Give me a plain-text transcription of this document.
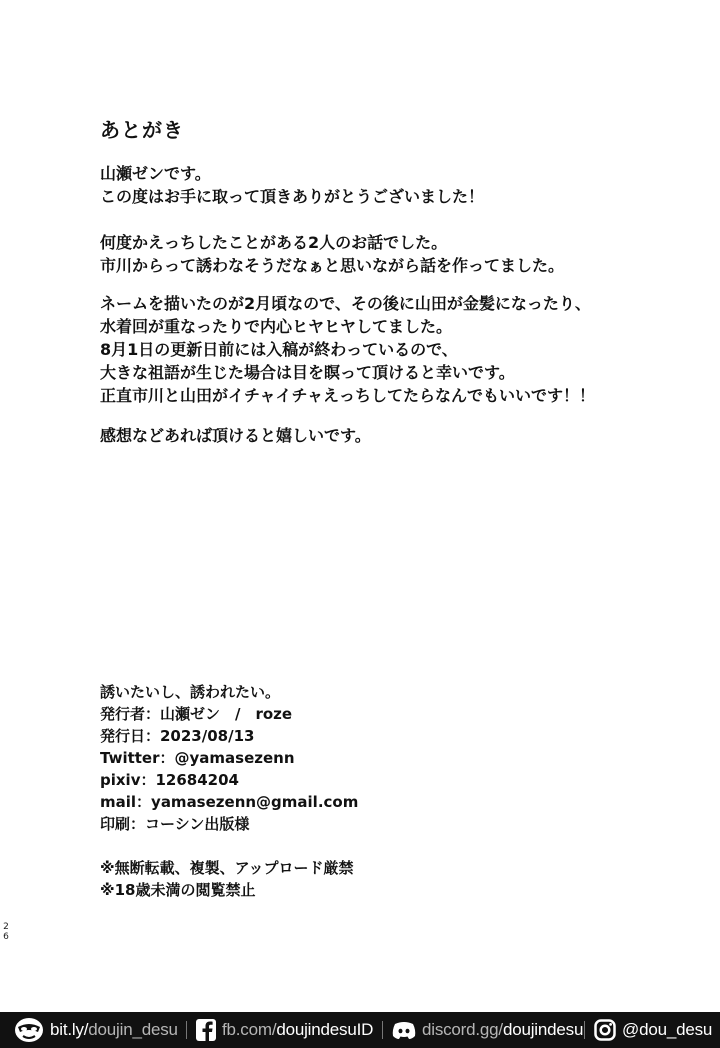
あとがき
山瀬ゼンです。
この度はお手に取って頂きありがとうございました！
何度かえっちしたことがある2人のお話でした。
市川からって誘わなそうだなぁと思いながら話を作ってました。
ネームを描いたのが2月頃なので、その後に山田が金髪になったり、
水着回が重なったりで内心ヒヤヒヤしてました。
8月1日の更新日前には入稿が終わっているので、
大きな祖語が生じた場合は目を瞑って頂けると幸いです。
正直市川と山田がイチャイチャえっちしてたらなんでもいいです！！
感想などあれば頂けると嬉しいです。
誘いたいし、誘われたい。
発行者：山瀬ゼン　/　roze
発行日：2023/08/13
Twitter：@yamasezenn
pixiv：12684204
mail：yamasezenn@gmail.com
印刷：コーシン出版様
※無断転載、複製、アップロード厳禁
※18歳未満の閲覧禁止
2
6
bit.ly/doujin_desu	fb.com/doujindesuID	discord.gg/doujindesu @dou_desu
